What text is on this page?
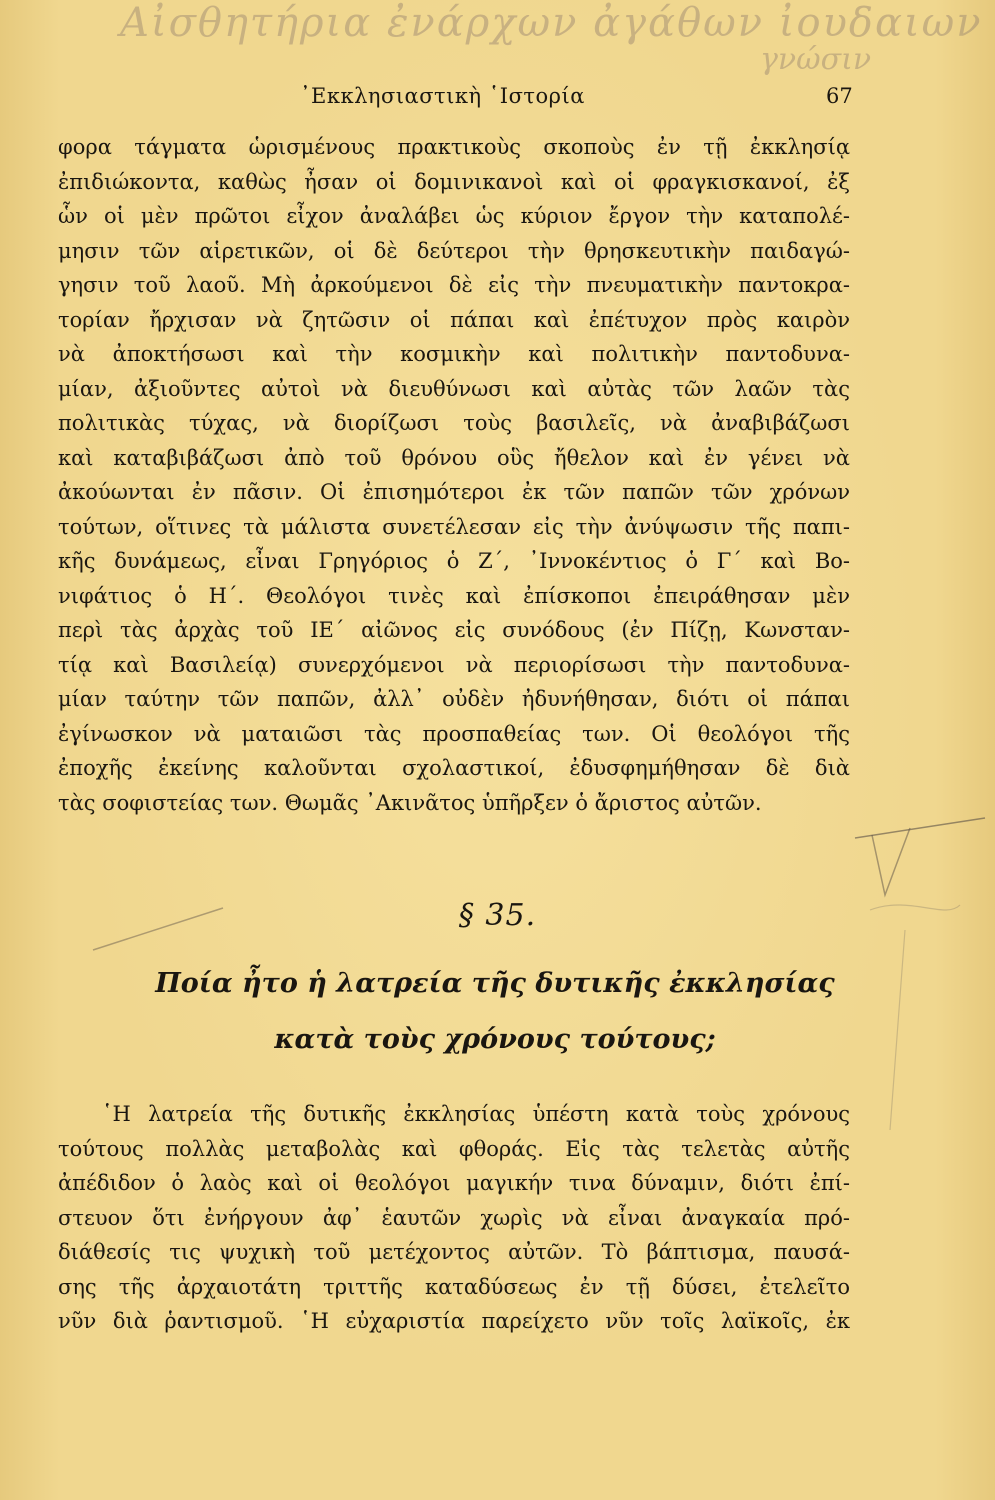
Αἰσθητήρια ἐνάρχων ἀγάθων ἰουδαιων
γνώσιν
᾿Εκκλησιαστικὴ ῾Ιστορία	67
φορα τάγματα ὡρισμένους πρακτικοὺς σκοποὺς ἐν τῇ ἐκκλησίᾳ
ἐπιδιώκοντα, καθὼς ἦσαν οἱ δομινικανοὶ καὶ οἱ φραγκισκανοί, ἐξ
ὧν οἱ μὲν πρῶτοι εἶχον ἀναλάβει ὡς κύριον ἔργον τὴν καταπολέ-
μησιν τῶν αἱρετικῶν, οἱ δὲ δεύτεροι τὴν θρησκευτικὴν παιδαγώ-
γησιν τοῦ λαοῦ. Μὴ ἀρκούμενοι δὲ εἰς τὴν πνευματικὴν παντοκρα-
τορίαν ἤρχισαν νὰ ζητῶσιν οἱ πάπαι καὶ ἐπέτυχον πρὸς καιρὸν
νὰ ἀποκτήσωσι καὶ τὴν κοσμικὴν καὶ πολιτικὴν παντοδυνα-
μίαν, ἀξιοῦντες αὐτοὶ νὰ διευθύνωσι καὶ αὐτὰς τῶν λαῶν τὰς
πολιτικὰς τύχας, νὰ διορίζωσι τοὺς βασιλεῖς, νὰ ἀναβιβάζωσι
καὶ καταβιβάζωσι ἀπὸ τοῦ θρόνου οὓς ἤθελον καὶ ἐν γένει νὰ
ἀκούωνται ἐν πᾶσιν. Οἱ ἐπισημότεροι ἐκ τῶν παπῶν τῶν χρόνων
τούτων, οἵτινες τὰ μάλιστα συνετέλεσαν εἰς τὴν ἀνύψωσιν τῆς παπι-
κῆς δυνάμεως, εἶναι Γρηγόριος ὁ Ζ΄, ᾿Ιννοκέντιος ὁ Γ΄ καὶ Βο-
νιφάτιος ὁ Η΄. Θεολόγοι τινὲς καὶ ἐπίσκοποι ἐπειράθησαν μὲν
περὶ τὰς ἀρχὰς τοῦ ΙΕ΄ αἰῶνος εἰς συνόδους (ἐν Πίζῃ, Κωνσταν-
τίᾳ καὶ Βασιλείᾳ) συνερχόμενοι νὰ περιορίσωσι τὴν παντοδυνα-
μίαν ταύτην τῶν παπῶν, ἀλλ᾿ οὐδὲν ἠδυνήθησαν, διότι οἱ πάπαι
ἐγίνωσκον νὰ ματαιῶσι τὰς προσπαθείας των. Οἱ θεολόγοι τῆς
ἐποχῆς ἐκείνης καλοῦνται σχολαστικοί, ἐδυσφημήθησαν δὲ διὰ
τὰς σοφιστείας των. Θωμᾶς ᾿Ακινᾶτος ὑπῆρξεν ὁ ἄριστος αὐτῶν.
§ 35.
Ποία ἦτο ἡ λατρεία τῆς δυτικῆς ἐκκλησίας
κατὰ τοὺς χρόνους τούτους;
῾Η λατρεία τῆς δυτικῆς ἐκκλησίας ὑπέστη κατὰ τοὺς χρόνους
τούτους πολλὰς μεταβολὰς καὶ φθοράς. Εἰς τὰς τελετὰς αὐτῆς
ἀπέδιδον ὁ λαὸς καὶ οἱ θεολόγοι μαγικήν τινα δύναμιν, διότι ἐπί-
στευον ὅτι ἐνήργουν ἀφ᾿ ἑαυτῶν χωρὶς νὰ εἶναι ἀναγκαία πρό-
διάθεσίς τις ψυχικὴ τοῦ μετέχοντος αὐτῶν. Τὸ βάπτισμα, παυσά-
σης τῆς ἀρχαιοτάτη τριττῆς καταδύσεως ἐν τῇ δύσει, ἐτελεῖτο
νῦν διὰ ῥαντισμοῦ. ῾Η εὐχαριστία παρείχετο νῦν τοῖς λαϊκοῖς, ἐκ
